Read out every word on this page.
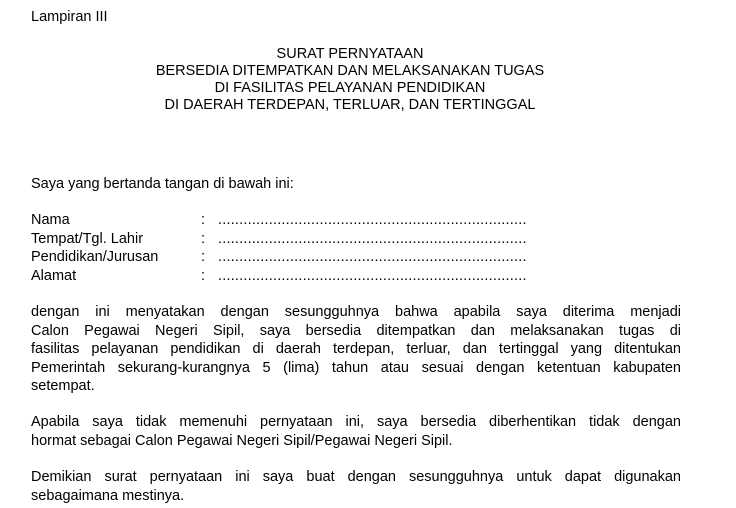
Lampiran III
SURAT PERNYATAAN
BERSEDIA DITEMPATKAN DAN MELAKSANAKAN TUGAS
DI FASILITAS PELAYANAN PENDIDIKAN
DI DAERAH TERDEPAN, TERLUAR, DAN TERTINGGAL
Saya yang bertanda tangan di bawah ini:
Nama	: .........................................................................
Tempat/Tgl. Lahir	: .........................................................................
Pendidikan/Jurusan	: .........................................................................
Alamat	: .........................................................................
dengan ini menyatakan dengan sesungguhnya bahwa apabila saya diterima menjadi
Calon Pegawai Negeri Sipil, saya bersedia ditempatkan dan melaksanakan tugas di
fasilitas pelayanan pendidikan di daerah terdepan, terluar, dan tertinggal yang ditentukan
Pemerintah sekurang-kurangnya 5 (lima) tahun atau sesuai dengan ketentuan kabupaten
setempat.
Apabila saya tidak memenuhi pernyataan ini, saya bersedia diberhentikan tidak dengan
hormat sebagai Calon Pegawai Negeri Sipil/Pegawai Negeri Sipil.
Demikian surat pernyataan ini saya buat dengan sesungguhnya untuk dapat digunakan
sebagaimana mestinya.
